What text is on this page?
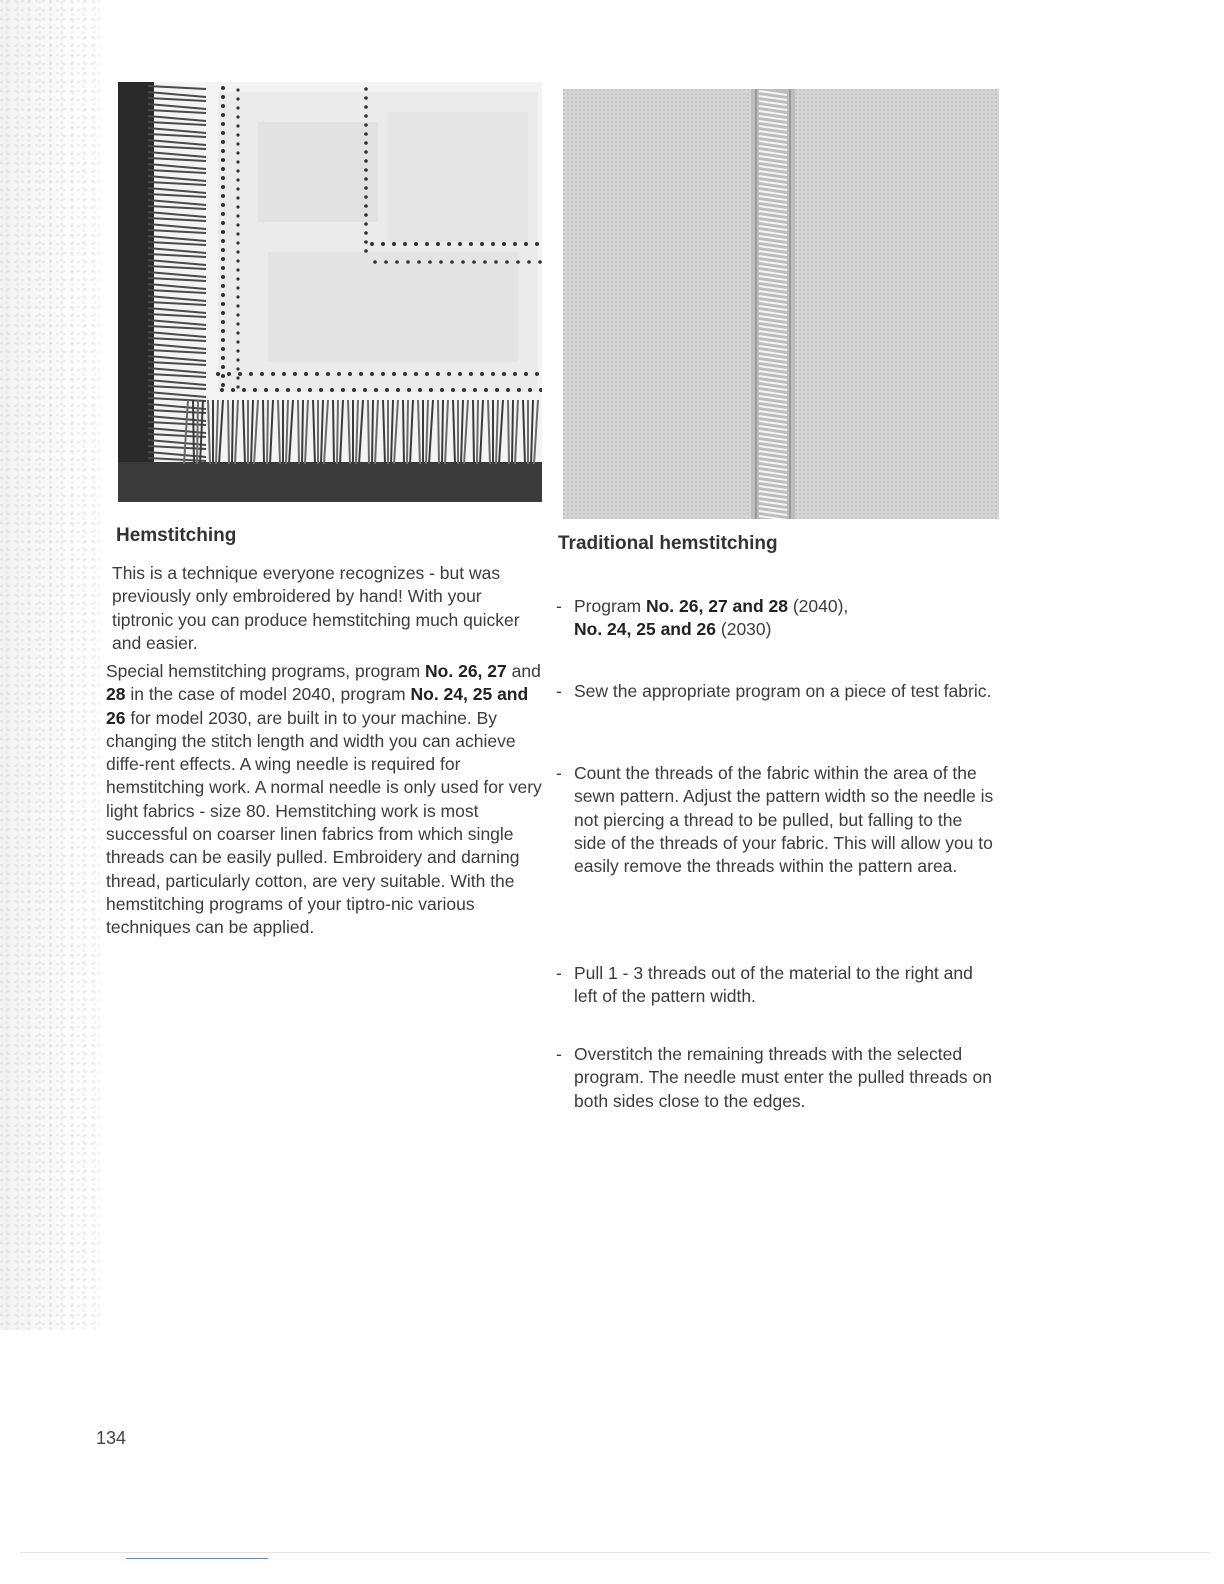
Hemstitching

This is a technique everyone recognizes - but was previously only embroidered by hand! With your tiptronic you can produce hemstitching much quicker and easier.

Special hemstitching programs, program No. 26, 27 and 28 in the case of model 2040, program No. 24, 25 and 26 for model 2030, are built in to your machine. By changing the stitch length and width you can achieve diffe-rent effects. A wing needle is required for hemstitching work. A normal needle is only used for very light fabrics - size 80. Hemstitching work is most successful on coarser linen fabrics from which single threads can be easily pulled. Embroidery and darning thread, particularly cotton, are very suitable. With the hemstitching programs of your tiptro-nic various techniques can be applied.

Traditional hemstitching

- Program No. 26, 27 and 28 (2040),
No. 24, 25 and 26 (2030)

- Sew the appropriate program on a piece of test fabric.

- Count the threads of the fabric within the area of the sewn pattern. Adjust the pattern width so the needle is not piercing a thread to be pulled, but falling to the side of the threads of your fabric. This will allow you to easily remove the threads within the pattern area.

- Pull 1 - 3 threads out of the material to the right and left of the pattern width.

- Overstitch the remaining threads with the selected program. The needle must enter the pulled threads on both sides close to the edges.

134
